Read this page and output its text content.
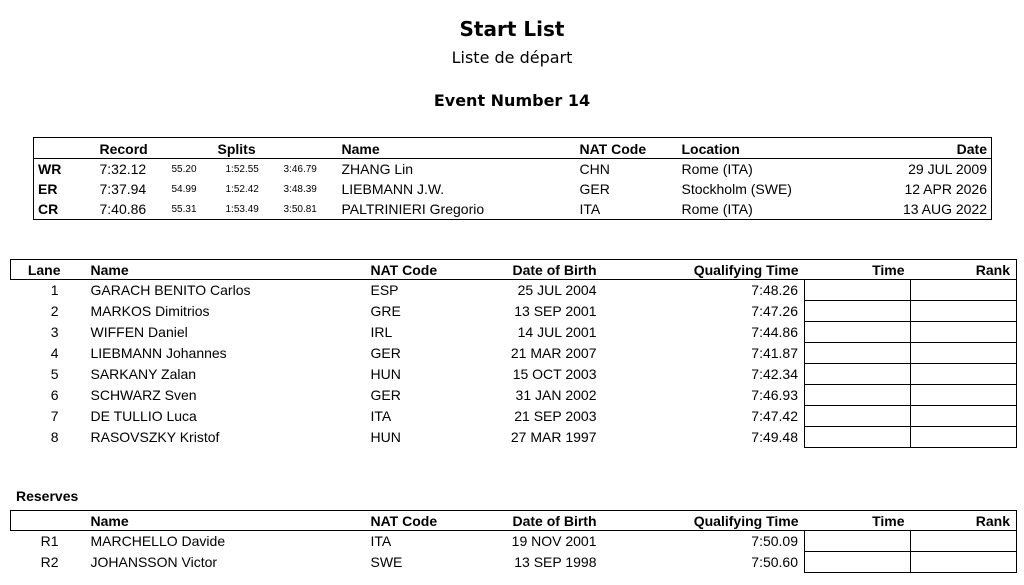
Start List
Liste de départ
Event Number 14
	Record	Splits			Name	NAT Code	Location	Date
WR	7:32.12	55.20	1:52.55	3:46.79	ZHANG Lin	CHN	Rome (ITA)	29 JUL 2009
ER	7:37.94	54.99	1:52.42	3:48.39	LIEBMANN J.W.	GER	Stockholm (SWE)	12 APR 2026
CR	7:40.86	55.31	1:53.49	3:50.81	PALTRINIERI Gregorio	ITA	Rome (ITA)	13 AUG 2022
Lane	Name	NAT Code	Date of Birth	Qualifying Time	Time	Rank
1	GARACH BENITO Carlos	ESP	25 JUL 2004	7:48.26		
2	MARKOS Dimitrios	GRE	13 SEP 2001	7:47.26		
3	WIFFEN Daniel	IRL	14 JUL 2001	7:44.86		
4	LIEBMANN Johannes	GER	21 MAR 2007	7:41.87		
5	SARKANY Zalan	HUN	15 OCT 2003	7:42.34		
6	SCHWARZ Sven	GER	31 JAN 2002	7:46.93		
7	DE TULLIO Luca	ITA	21 SEP 2003	7:47.42		
8	RASOVSZKY Kristof	HUN	27 MAR 1997	7:49.48		
Reserves
	Name	NAT Code	Date of Birth	Qualifying Time	Time	Rank
R1	MARCHELLO Davide	ITA	19 NOV 2001	7:50.09		
R2	JOHANSSON Victor	SWE	13 SEP 1998	7:50.60		
